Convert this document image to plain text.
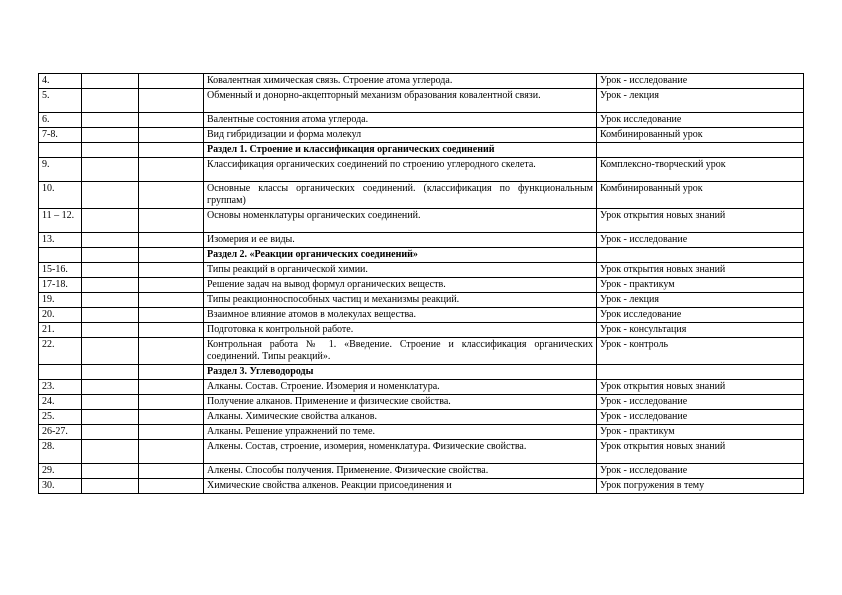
4.			Ковалентная химическая связь. Строение атома углерода.	Урок - исследование
5.			Обменный и донорно-акцепторный механизм образования ковалентной связи.	Урок - лекция
6.			Валентные состояния атома углерода.	Урок исследование
7-8.			Вид гибридизации и форма молекул	Комбинированный урок
			Раздел 1. Строение и классификация органических соединений	
9.			Классификация органических соединений по строению углеродного скелета.	Комплексно-творческий урок
10.			Основные классы органических соединений. (классификация по функциональным группам)	Комбинированный урок
11 – 12.			Основы номенклатуры органических соединений.	Урок открытия новых знаний
13.			Изомерия и ее виды.	Урок - исследование
			Раздел 2. «Реакции органических соединений»	
15-16.			Типы реакций в органической химии.	Урок открытия новых знаний
17-18.			Решение задач на вывод формул органических веществ.	Урок - практикум
19.			Типы реакционноспособных частиц и механизмы реакций.	Урок - лекция
20.			Взаимное влияние атомов в молекулах вещества.	Урок исследование
21.			Подготовка к контрольной работе.	Урок - консультация
22.			Контрольная работа № 1. «Введение. Строение и классификация органических соединений. Типы реакций».	Урок - контроль
			Раздел 3. Углеводороды	
23.			Алканы. Состав. Строение. Изомерия и номенклатура.	Урок открытия новых знаний
24.			Получение алканов. Применение и физические свойства.	Урок - исследование
25.			Алканы. Химические свойства алканов.	Урок - исследование
26-27.			Алканы. Решение упражнений по теме.	Урок - практикум
28.			Алкены. Состав, строение, изомерия, номенклатура. Физические свойства.	Урок открытия новых знаний
29.			Алкены. Способы получения. Применение. Физические свойства.	Урок - исследование
30.			Химические свойства алкенов. Реакции присоединения и	Урок погружения в тему
